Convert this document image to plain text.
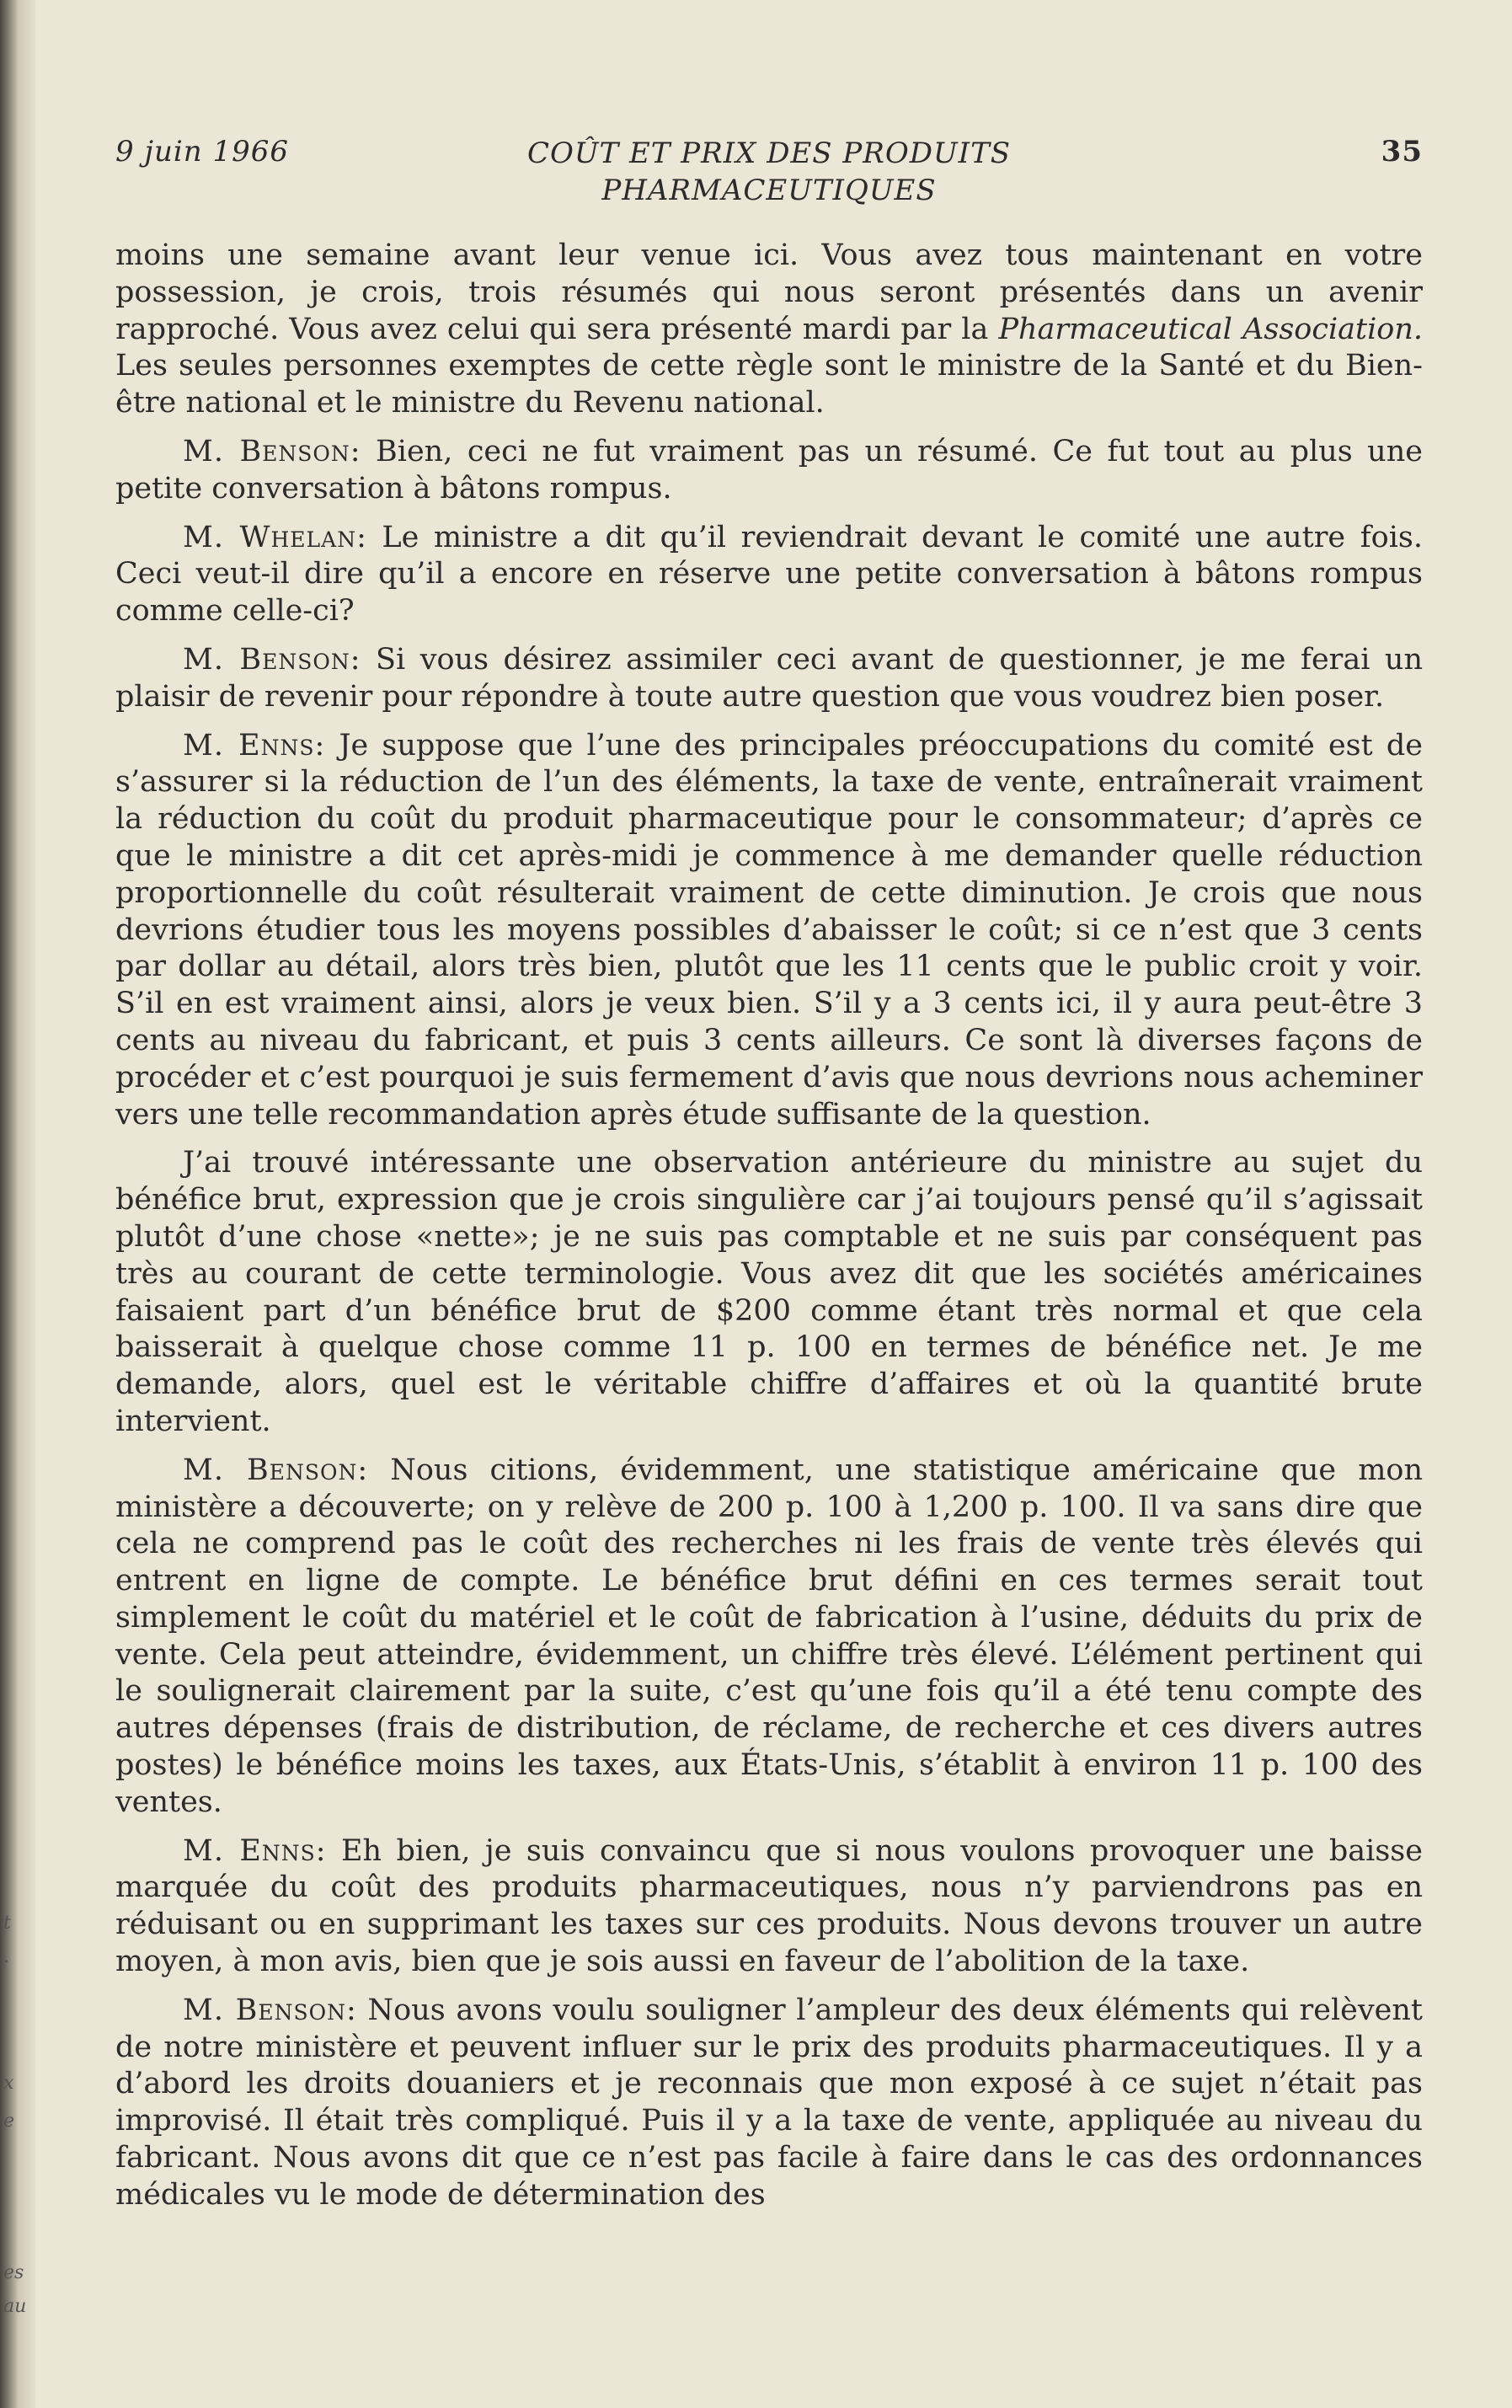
t
.
x
e
es
au
9 juin 1966	COÛT ET PRIX DES PRODUITS
PHARMACEUTIQUES
35

moins une semaine avant leur venue ici. Vous avez tous maintenant en votre possession, je crois, trois résumés qui nous seront présentés dans un avenir rapproché. Vous avez celui qui sera présenté mardi par la Pharmaceutical Association. Les seules personnes exemptes de cette règle sont le ministre de la Santé et du Bien-être national et le ministre du Revenu national.

M. Benson: Bien, ceci ne fut vraiment pas un résumé. Ce fut tout au plus une petite conversation à bâtons rompus.

M. Whelan: Le ministre a dit qu’il reviendrait devant le comité une autre fois. Ceci veut-il dire qu’il a encore en réserve une petite conversation à bâtons rompus comme celle-ci?

M. Benson: Si vous désirez assimiler ceci avant de questionner, je me ferai un plaisir de revenir pour répondre à toute autre question que vous voudrez bien poser.

M. Enns: Je suppose que l’une des principales préoccupations du comité est de s’assurer si la réduction de l’un des éléments, la taxe de vente, entraînerait vraiment la réduction du coût du produit pharmaceutique pour le consommateur; d’après ce que le ministre a dit cet après-midi je commence à me demander quelle réduction proportionnelle du coût résulterait vraiment de cette diminution. Je crois que nous devrions étudier tous les moyens possibles d’abaisser le coût; si ce n’est que 3 cents par dollar au détail, alors très bien, plutôt que les 11 cents que le public croit y voir. S’il en est vraiment ainsi, alors je veux bien. S’il y a 3 cents ici, il y aura peut-être 3 cents au niveau du fabricant, et puis 3 cents ailleurs. Ce sont là diverses façons de procéder et c’est pourquoi je suis fermement d’avis que nous devrions nous acheminer vers une telle recommandation après étude suffisante de la question.

J’ai trouvé intéressante une observation antérieure du ministre au sujet du bénéfice brut, expression que je crois singulière car j’ai toujours pensé qu’il s’agissait plutôt d’une chose «nette»; je ne suis pas comptable et ne suis par conséquent pas très au courant de cette terminologie. Vous avez dit que les sociétés américaines faisaient part d’un bénéfice brut de $200 comme étant très normal et que cela baisserait à quelque chose comme 11 p. 100 en termes de bénéfice net. Je me demande, alors, quel est le véritable chiffre d’affaires et où la quantité brute intervient.

M. Benson: Nous citions, évidemment, une statistique américaine que mon ministère a découverte; on y relève de 200 p. 100 à 1,200 p. 100. Il va sans dire que cela ne comprend pas le coût des recherches ni les frais de vente très élevés qui entrent en ligne de compte. Le bénéfice brut défini en ces termes serait tout simplement le coût du matériel et le coût de fabrication à l’usine, déduits du prix de vente. Cela peut atteindre, évidemment, un chiffre très élevé. L’élément pertinent qui le soulignerait clairement par la suite, c’est qu’une fois qu’il a été tenu compte des autres dépenses (frais de distribution, de réclame, de recherche et ces divers autres postes) le bénéfice moins les taxes, aux États-Unis, s’établit à environ 11 p. 100 des ventes.

M. Enns: Eh bien, je suis convaincu que si nous voulons provoquer une baisse marquée du coût des produits pharmaceutiques, nous n’y parviendrons pas en réduisant ou en supprimant les taxes sur ces produits. Nous devons trouver un autre moyen, à mon avis, bien que je sois aussi en faveur de l’abolition de la taxe.

M. Benson: Nous avons voulu souligner l’ampleur des deux éléments qui relèvent de notre ministère et peuvent influer sur le prix des produits pharmaceutiques. Il y a d’abord les droits douaniers et je reconnais que mon exposé à ce sujet n’était pas improvisé. Il était très compliqué. Puis il y a la taxe de vente, appliquée au niveau du fabricant. Nous avons dit que ce n’est pas facile à faire dans le cas des ordonnances médicales vu le mode de détermination des
